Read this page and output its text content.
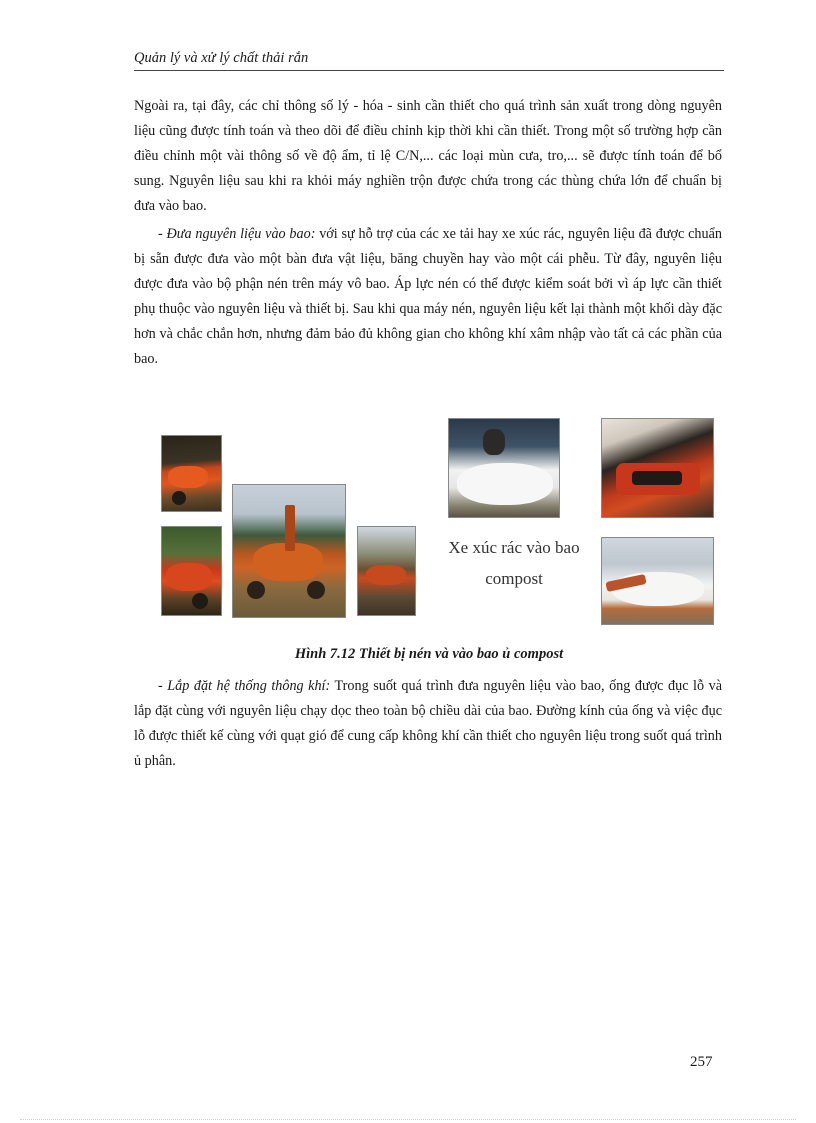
Quản lý và xử lý chất thải rắn

Ngoài ra, tại đây, các chỉ thông số lý - hóa - sinh cần thiết cho quá trình sản xuất trong dòng nguyên liệu cũng được tính toán và theo dõi để điều chỉnh kịp thời khi cần thiết. Trong một số trường hợp cần điều chỉnh một vài thông số về độ ẩm, tỉ lệ C/N,... các loại mùn cưa, tro,... sẽ được tính toán để bổ sung. Nguyên liệu sau khi ra khỏi máy nghiền trộn được chứa trong các thùng chứa lớn để chuẩn bị đưa vào bao.

- Đưa nguyên liệu vào bao: với sự hỗ trợ của các xe tải hay xe xúc rác, nguyên liệu đã được chuẩn bị sẵn được đưa vào một bàn đưa vật liệu, băng chuyền hay vào một cái phễu. Từ đây, nguyên liệu được đưa vào bộ phận nén trên máy vô bao. Áp lực nén có thể được kiểm soát bởi vì áp lực cần thiết phụ thuộc vào nguyên liệu và thiết bị. Sau khi qua máy nén, nguyên liệu kết lại thành một khối dày đặc hơn và chắc chắn hơn, nhưng đảm bảo đủ không gian cho không khí xâm nhập vào tất cả các phần của bao.

Xe xúc rác vào bao
compost
Hình 7.12 Thiết bị nén và vào bao ủ compost

- Lắp đặt hệ thống thông khí: Trong suốt quá trình đưa nguyên liệu vào bao, ống được đục lỗ và lắp đặt cùng với nguyên liệu chạy dọc theo toàn bộ chiều dài của bao. Đường kính của ống và việc đục lỗ được thiết kế cùng với quạt gió để cung cấp không khí cần thiết cho nguyên liệu trong suốt quá trình ủ phân.

257
